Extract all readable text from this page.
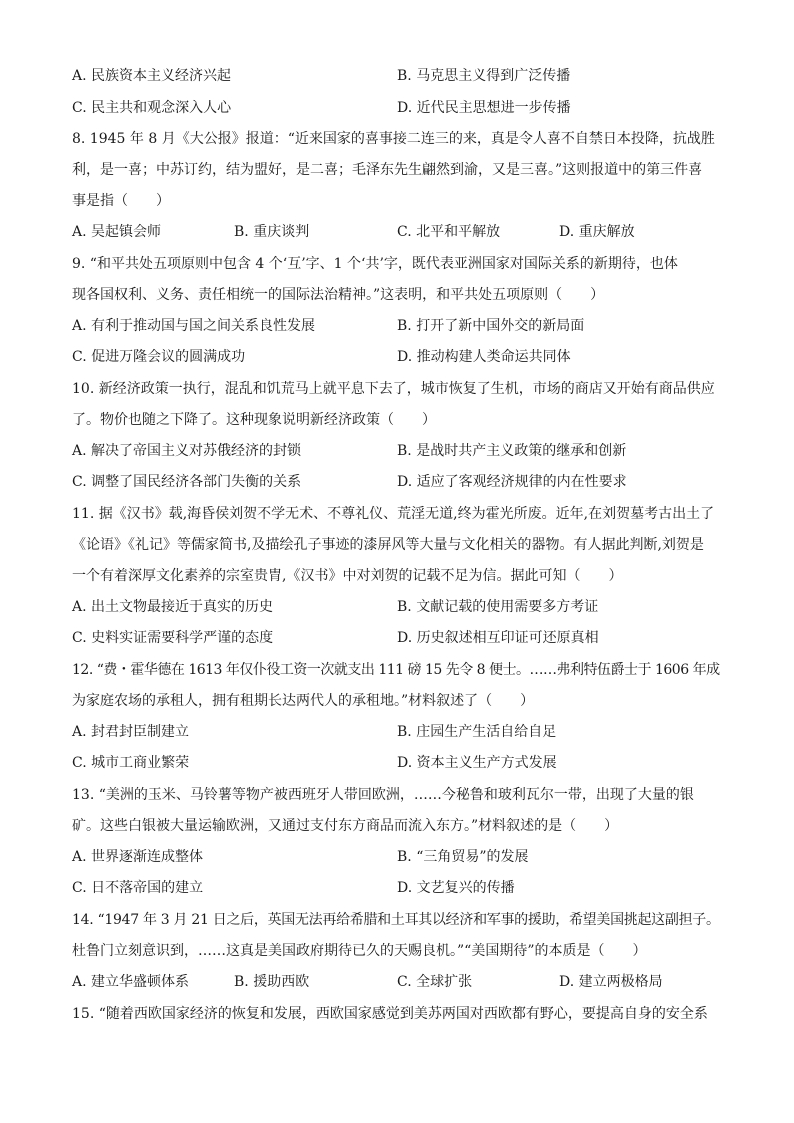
A. 民族资本主义经济兴起	B. 马克思主义得到广泛传播
C. 民主共和观念深入人心	D. 近代民主思想进一步传播
8. 1945 年 8 月《大公报》报道：“近来国家的喜事接二连三的来，真是令人喜不自禁日本投降，抗战胜
利，是一喜；中苏订约，结为盟好，是二喜；毛泽东先生翩然到渝，又是三喜。”这则报道中的第三件喜
事是指（　　）
A. 吴起镇会师	B. 重庆谈判	C. 北平和平解放	D. 重庆解放
9. “和平共处五项原则中包含 4 个‘互’字、1 个‘共’字，既代表亚洲国家对国际关系的新期待，也体
现各国权利、义务、责任相统一的国际法治精神。”这表明，和平共处五项原则（　　）
A. 有利于推动国与国之间关系良性发展	B. 打开了新中国外交的新局面
C. 促进万隆会议的圆满成功	D. 推动构建人类命运共同体
10. 新经济政策一执行，混乱和饥荒马上就平息下去了，城市恢复了生机，市场的商店又开始有商品供应
了。物价也随之下降了。这种现象说明新经济政策（　　）
A. 解决了帝国主义对苏俄经济的封锁	B. 是战时共产主义政策的继承和创新
C. 调整了国民经济各部门失衡的关系	D. 适应了客观经济规律的内在性要求
11. 据《汉书》载,海昏侯刘贺不学无术、不尊礼仪、荒淫无道,终为霍光所废。近年,在刘贺墓考古出土了
《论语》《礼记》等儒家简书,及描绘孔子事迹的漆屏风等大量与文化相关的器物。有人据此判断,刘贺是
一个有着深厚文化素养的宗室贵胄,《汉书》中对刘贺的记载不足为信。据此可知（　　）
A. 出土文物最接近于真实的历史	B. 文献记载的使用需要多方考证
C. 史料实证需要科学严谨的态度	D. 历史叙述相互印证可还原真相
12. “费・霍华德在 1613 年仅仆役工资一次就支出 111 磅 15 先令 8 便士。……弗利特伍爵士于 1606 年成
为家庭农场的承租人，拥有租期长达两代人的承租地。”材料叙述了（　　）
A. 封君封臣制建立	B. 庄园生产生活自给自足
C. 城市工商业繁荣	D. 资本主义生产方式发展
13. “美洲的玉米、马铃薯等物产被西班牙人带回欧洲，……今秘鲁和玻利瓦尔一带，出现了大量的银
矿。这些白银被大量运输欧洲，又通过支付东方商品而流入东方。”材料叙述的是（　　）
A. 世界逐渐连成整体	B. “三角贸易”的发展
C. 日不落帝国的建立	D. 文艺复兴的传播
14. “1947 年 3 月 21 日之后，英国无法再给希腊和土耳其以经济和军事的援助，希望美国挑起这副担子。
杜鲁门立刻意识到，……这真是美国政府期待已久的天赐良机。”“美国期待”的本质是（　　）
A. 建立华盛顿体系	B. 援助西欧	C. 全球扩张	D. 建立两极格局
15. “随着西欧国家经济的恢复和发展，西欧国家感觉到美苏两国对西欧都有野心，要提高自身的安全系
